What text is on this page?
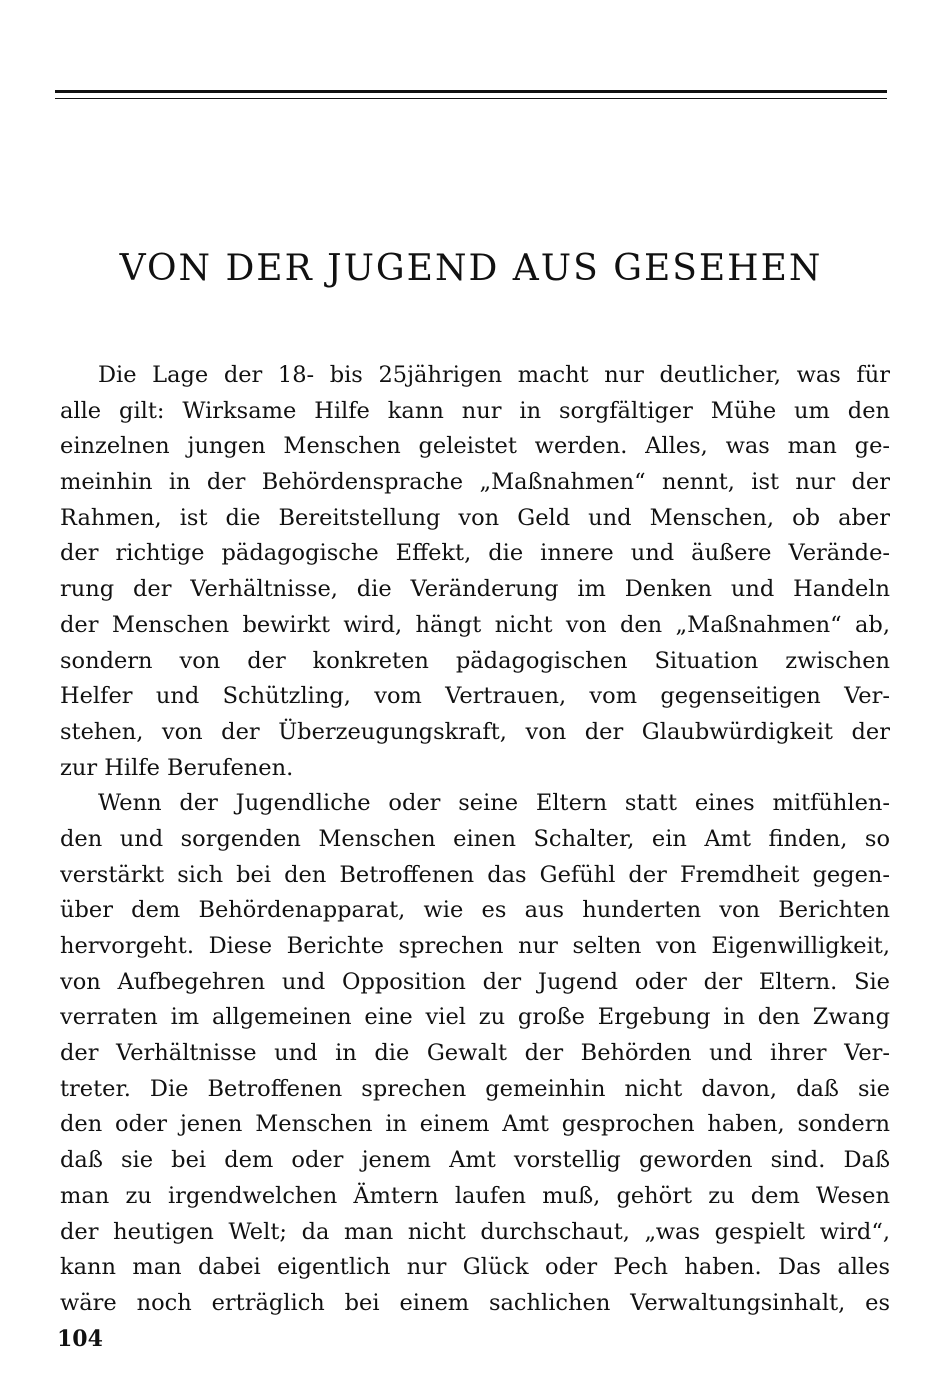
VON DER JUGEND AUS GESEHEN
Die Lage der 18- bis 25jährigen macht nur deutlicher, was für
alle gilt: Wirksame Hilfe kann nur in sorgfältiger Mühe um den
einzelnen jungen Menschen geleistet werden. Alles, was man ge-
meinhin in der Behördensprache „Maßnahmen“ nennt, ist nur der
Rahmen, ist die Bereitstellung von Geld und Menschen, ob aber
der richtige pädagogische Effekt, die innere und äußere Verände-
rung der Verhältnisse, die Veränderung im Denken und Handeln
der Menschen bewirkt wird, hängt nicht von den „Maßnahmen“ ab,
sondern von der konkreten pädagogischen Situation zwischen
Helfer und Schützling, vom Vertrauen, vom gegenseitigen Ver-
stehen, von der Überzeugungskraft, von der Glaubwürdigkeit der
zur Hilfe Berufenen.
Wenn der Jugendliche oder seine Eltern statt eines mitfühlen-
den und sorgenden Menschen einen Schalter, ein Amt finden, so
verstärkt sich bei den Betroffenen das Gefühl der Fremdheit gegen-
über dem Behördenapparat, wie es aus hunderten von Berichten
hervorgeht. Diese Berichte sprechen nur selten von Eigenwilligkeit,
von Aufbegehren und Opposition der Jugend oder der Eltern. Sie
verraten im allgemeinen eine viel zu große Ergebung in den Zwang
der Verhältnisse und in die Gewalt der Behörden und ihrer Ver-
treter. Die Betroffenen sprechen gemeinhin nicht davon, daß sie
den oder jenen Menschen in einem Amt gesprochen haben, sondern
daß sie bei dem oder jenem Amt vorstellig geworden sind. Daß
man zu irgendwelchen Ämtern laufen muß, gehört zu dem Wesen
der heutigen Welt; da man nicht durchschaut, „was gespielt wird“,
kann man dabei eigentlich nur Glück oder Pech haben. Das alles
wäre noch erträglich bei einem sachlichen Verwaltungsinhalt, es
104
